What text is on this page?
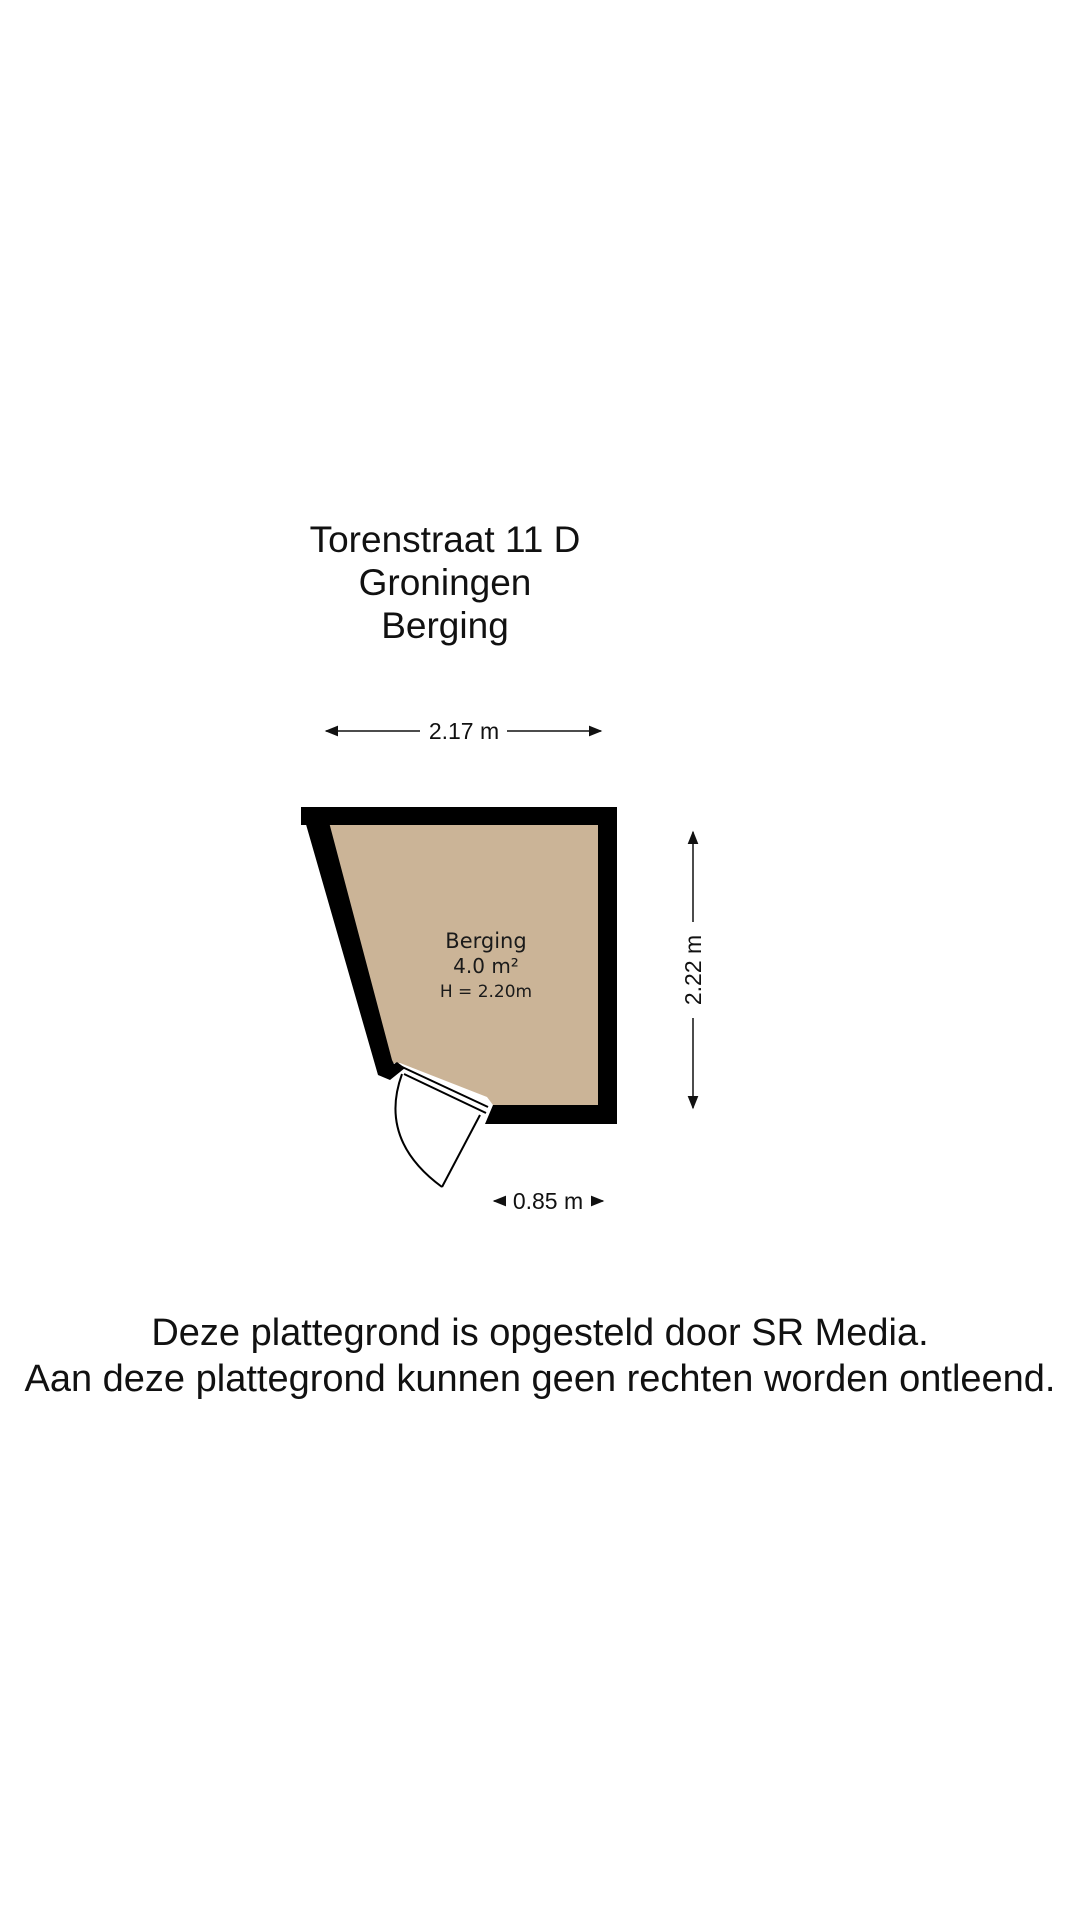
Torenstraat 11 D
Groningen
Berging
Berging
4.0 m²
H = 2.20m
2.17 m
2.22 m
0.85 m
Deze plattegrond is opgesteld door SR Media.
Aan deze plattegrond kunnen geen rechten worden ontleend.
